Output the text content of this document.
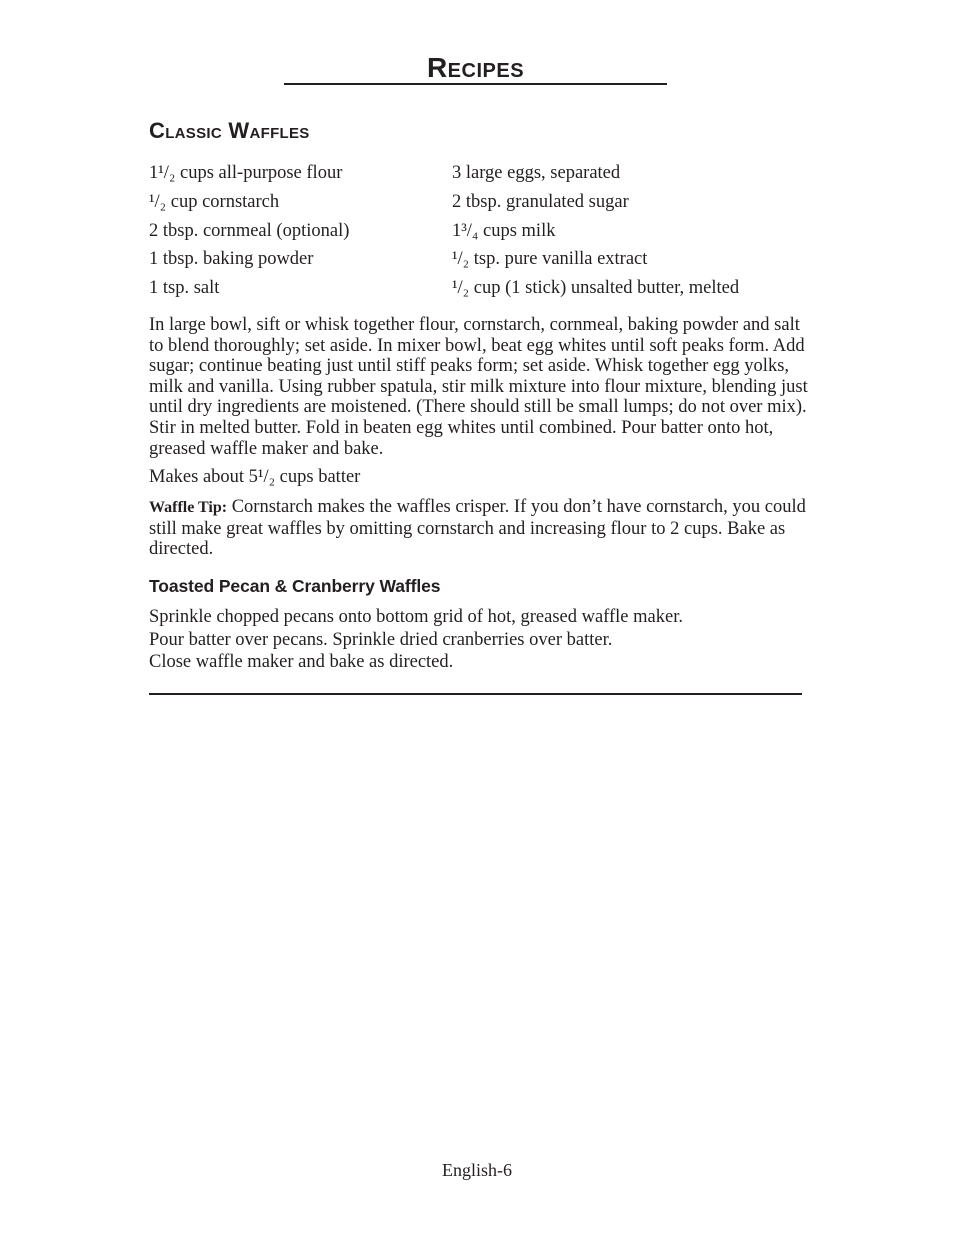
Recipes
Classic Waffles
1¹/₂ cups all-purpose flour	3 large eggs, separated
¹/₂ cup cornstarch	2 tbsp. granulated sugar
2 tbsp. cornmeal (optional)	1³/₄ cups milk
1 tbsp. baking powder	¹/₂ tsp. pure vanilla extract
1 tsp. salt	¹/₂ cup (1 stick) unsalted butter, melted

In large bowl, sift or whisk together flour, cornstarch, cornmeal, baking powder and salt to blend thoroughly; set aside. In mixer bowl, beat egg whites until soft peaks form. Add sugar; continue beating just until stiff peaks form; set aside. Whisk together egg yolks, milk and vanilla. Using rubber spatula, stir milk mixture into flour mixture, blending just until dry ingredients are moistened. (There should still be small lumps; do not over mix). Stir in melted butter. Fold in beaten egg whites until combined. Pour batter onto hot, greased waffle maker and bake.

Makes about 5¹/₂ cups batter

Waffle Tip: Cornstarch makes the waffles crisper. If you don’t have cornstarch, you could still make great waffles by omitting cornstarch and increasing flour to 2 cups. Bake as directed.

Toasted Pecan & Cranberry Waffles

Sprinkle chopped pecans onto bottom grid of hot, greased waffle maker.
Pour batter over pecans. Sprinkle dried cranberries over batter.
Close waffle maker and bake as directed.

English-6
